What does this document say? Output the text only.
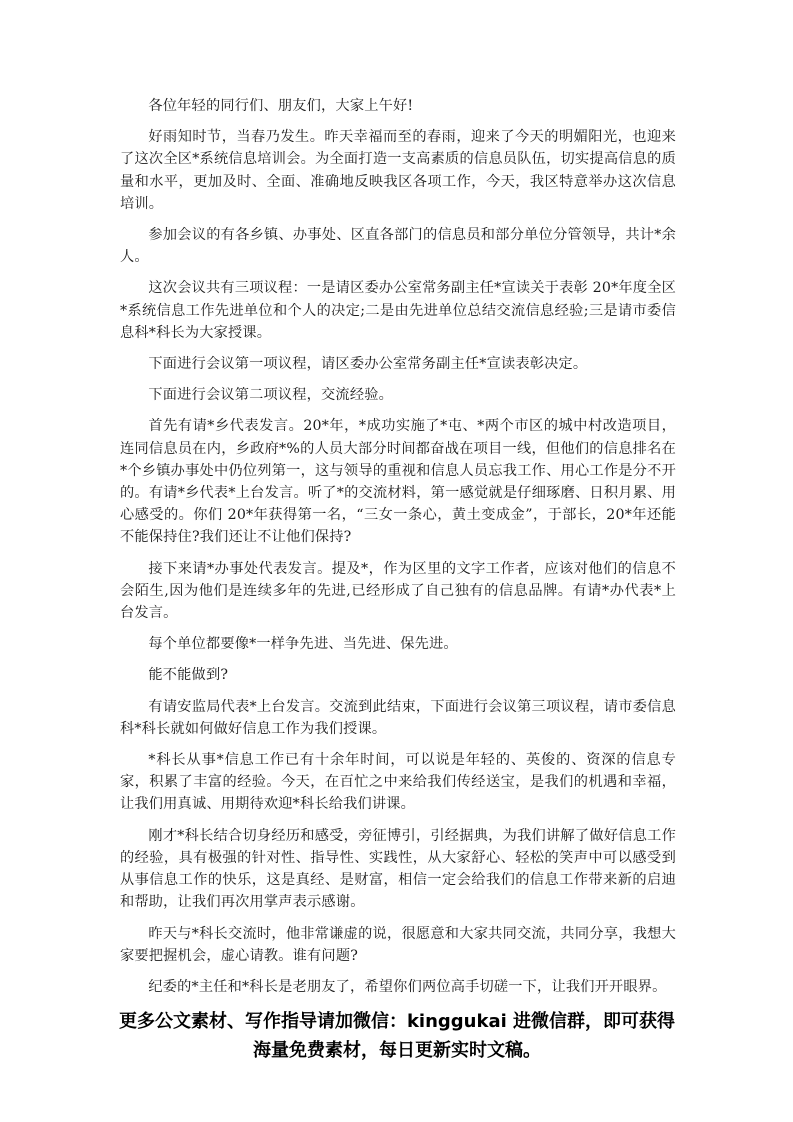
各位年轻的同行们、朋友们，大家上午好!

好雨知时节，当春乃发生。昨天幸福而至的春雨，迎来了今天的明媚阳光，也迎来了这次全区*系统信息培训会。为全面打造一支高素质的信息员队伍，切实提高信息的质量和水平，更加及时、全面、准确地反映我区各项工作，今天，我区特意举办这次信息培训。

参加会议的有各乡镇、办事处、区直各部门的信息员和部分单位分管领导，共计*余人。

这次会议共有三项议程：一是请区委办公室常务副主任*宣读关于表彰 20*年度全区*系统信息工作先进单位和个人的决定;二是由先进单位总结交流信息经验;三是请市委信息科*科长为大家授课。

下面进行会议第一项议程，请区委办公室常务副主任*宣读表彰决定。

下面进行会议第二项议程，交流经验。

首先有请*乡代表发言。20*年，*成功实施了*屯、*两个市区的城中村改造项目，连同信息员在内，乡政府*%的人员大部分时间都奋战在项目一线，但他们的信息排名在*个乡镇办事处中仍位列第一，这与领导的重视和信息人员忘我工作、用心工作是分不开的。有请*乡代表*上台发言。听了*的交流材料，第一感觉就是仔细琢磨、日积月累、用心感受的。你们 20*年获得第一名，“三女一条心，黄土变成金”，于部长，20*年还能不能保持住?我们还让不让他们保持?

接下来请*办事处代表发言。提及*，作为区里的文字工作者，应该对他们的信息不会陌生,因为他们是连续多年的先进,已经形成了自己独有的信息品牌。有请*办代表*上台发言。

每个单位都要像*一样争先进、当先进、保先进。

能不能做到?

有请安监局代表*上台发言。交流到此结束，下面进行会议第三项议程，请市委信息科*科长就如何做好信息工作为我们授课。

*科长从事*信息工作已有十余年时间，可以说是年轻的、英俊的、资深的信息专家，积累了丰富的经验。今天，在百忙之中来给我们传经送宝，是我们的机遇和幸福，让我们用真诚、用期待欢迎*科长给我们讲课。

刚才*科长结合切身经历和感受，旁征博引，引经据典，为我们讲解了做好信息工作的经验，具有极强的针对性、指导性、实践性，从大家舒心、轻松的笑声中可以感受到从事信息工作的快乐，这是真经、是财富，相信一定会给我们的信息工作带来新的启迪和帮助，让我们再次用掌声表示感谢。

昨天与*科长交流时，他非常谦虚的说，很愿意和大家共同交流，共同分享，我想大家要把握机会，虚心请教。谁有问题?

纪委的*主任和*科长是老朋友了，希望你们两位高手切磋一下，让我们开开眼界。

更多公文素材、写作指导请加微信：kinggukai 进微信群，即可获得
海量免费素材，每日更新实时文稿。
